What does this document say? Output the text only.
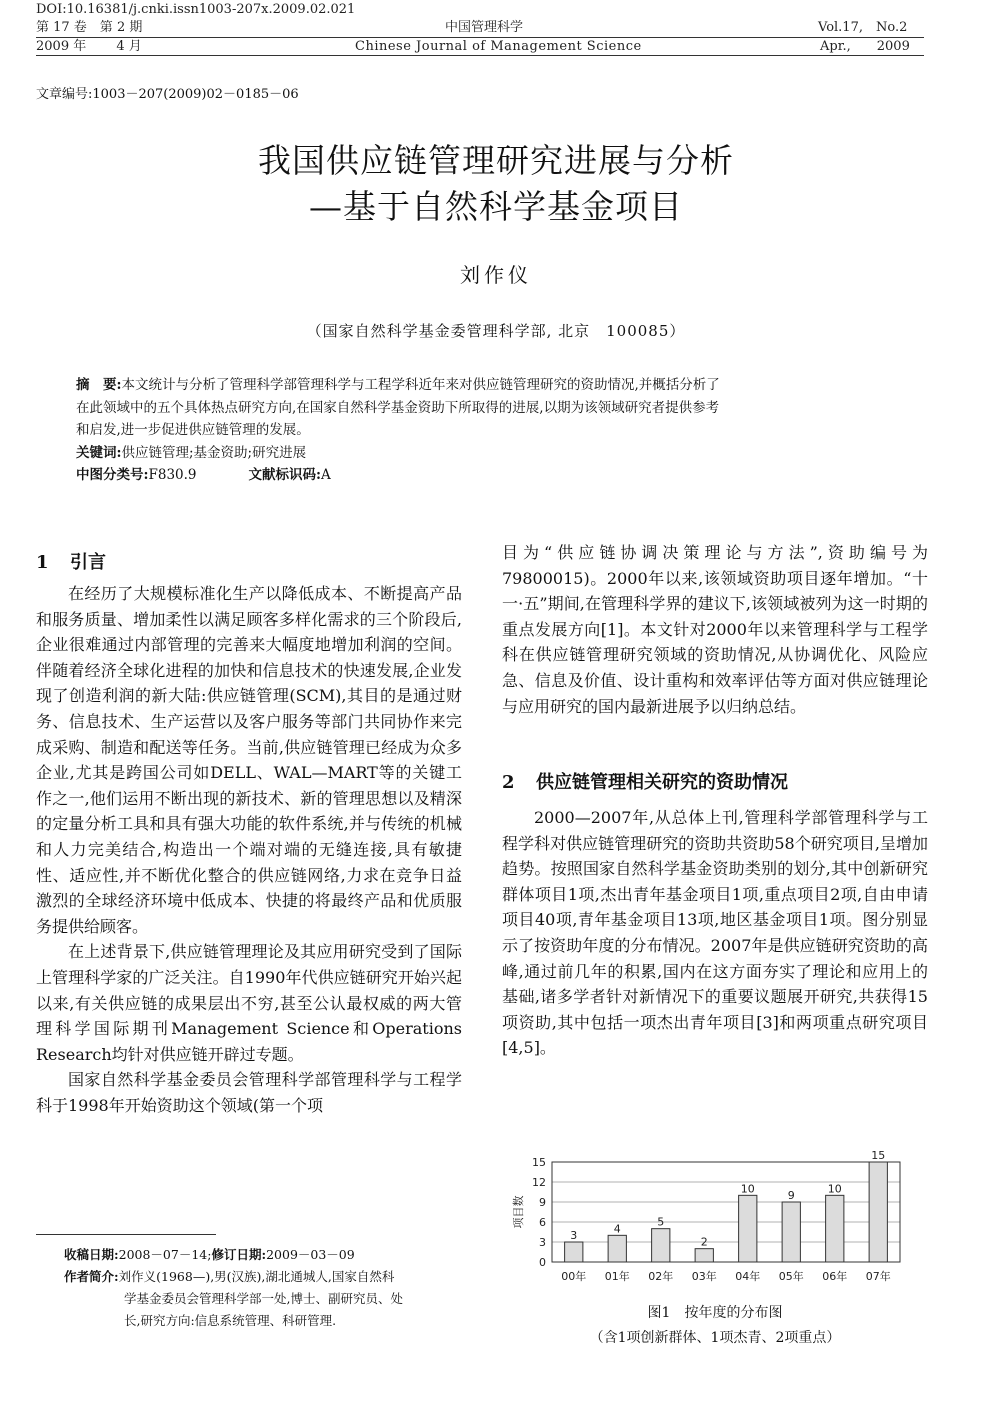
DOI:10.16381/j.cnki.issn1003-207x.2009.02.021
第 17 卷　第 2 期	中国管理科学	Vol.17,　No.2
2009 年　　 4 月	Chinese Journal of Management Science	Apr.,　　2009
文章编号:1003－207(2009)02－0185－06
我国供应链管理研究进展与分析
—基于自然科学基金项目
刘作仪
（国家自然科学基金委管理科学部, 北京　100085）
摘　要:本文统计与分析了管理科学部管理科学与工程学科近年来对供应链管理研究的资助情况,并概括分析了
在此领域中的五个具体热点研究方向,在国家自然科学基金资助下所取得的进展,以期为该领域研究者提供参考
和启发,进一步促进供应链管理的发展。
关键词:供应链管理;基金资助;研究进展
中图分类号:F830.9	文献标识码:A
1 引言

在经历了大规模标准化生产以降低成本、不断提高产品和服务质量、增加柔性以满足顾客多样化需求的三个阶段后,企业很难通过内部管理的完善来大幅度地增加利润的空间。伴随着经济全球化进程的加快和信息技术的快速发展,企业发现了创造利润的新大陆:供应链管理(SCM),其目的是通过财务、信息技术、生产运营以及客户服务等部门共同协作来完成采购、制造和配送等任务。当前,供应链管理已经成为众多企业,尤其是跨国公司如DELL、WAL—MART等的关键工作之一,他们运用不断出现的新技术、新的管理思想以及精深的定量分析工具和具有强大功能的软件系统,并与传统的机械和人力完美结合,构造出一个端对端的无缝连接,具有敏捷性、适应性,并不断优化整合的供应链网络,力求在竞争日益激烈的全球经济环境中低成本、快捷的将最终产品和优质服务提供给顾客。

在上述背景下,供应链管理理论及其应用研究受到了国际上管理科学家的广泛关注。自1990年代供应链研究开始兴起以来,有关供应链的成果层出不穷,甚至公认最权威的两大管理科学国际期刊Management Science和Operations Research均针对供应链开辟过专题。

国家自然科学基金委员会管理科学部管理科学与工程学科于1998年开始资助这个领域(第一个项

收稿日期:2008－07－14;修订日期:2009－03－09
作者简介:刘作义(1968—),男(汉族),湖北通城人,国家自然科
学基金委员会管理科学部一处,博士、副研究员、处
长,研究方向:信息系统管理、科研管理.

目为“供应链协调决策理论与方法”,资助编号为79800015)。2000年以来,该领域资助项目逐年增加。“十一·五”期间,在管理科学界的建议下,该领域被列为这一时期的重点发展方向[1]。本文针对2000年以来管理科学与工程学科在供应链管理研究领域的资助情况,从协调优化、风险应急、信息及价值、设计重构和效率评估等方面对供应链理论与应用研究的国内最新进展予以归纳总结。

2 供应链管理相关研究的资助情况

2000—2007年,从总体上刊,管理科学部管理科学与工程学科对供应链管理研究的资助共资助58个研究项目,呈增加趋势。按照国家自然科学基金资助类别的划分,其中创新研究群体项目1项,杰出青年基金项目1项,重点项目2项,自由申请项目40项,青年基金项目13项,地区基金项目1项。图分别显示了按资助年度的分布情况。2007年是供应链研究资助的高峰,通过前几年的积累,国内在这方面夯实了理论和应用上的基础,诸多学者针对新情况下的重要议题展开研究,共获得15项资助,其中包括一项杰出青年项目[3]和两项重点研究项目[4,5]。

0
3
6
9
12
15
项目数
3
00年
4
01年
5
02年
2
03年
10
04年
9
05年
10
06年
15
07年
图1　按年度的分布图
（含1项创新群体、1项杰青、2项重点）
